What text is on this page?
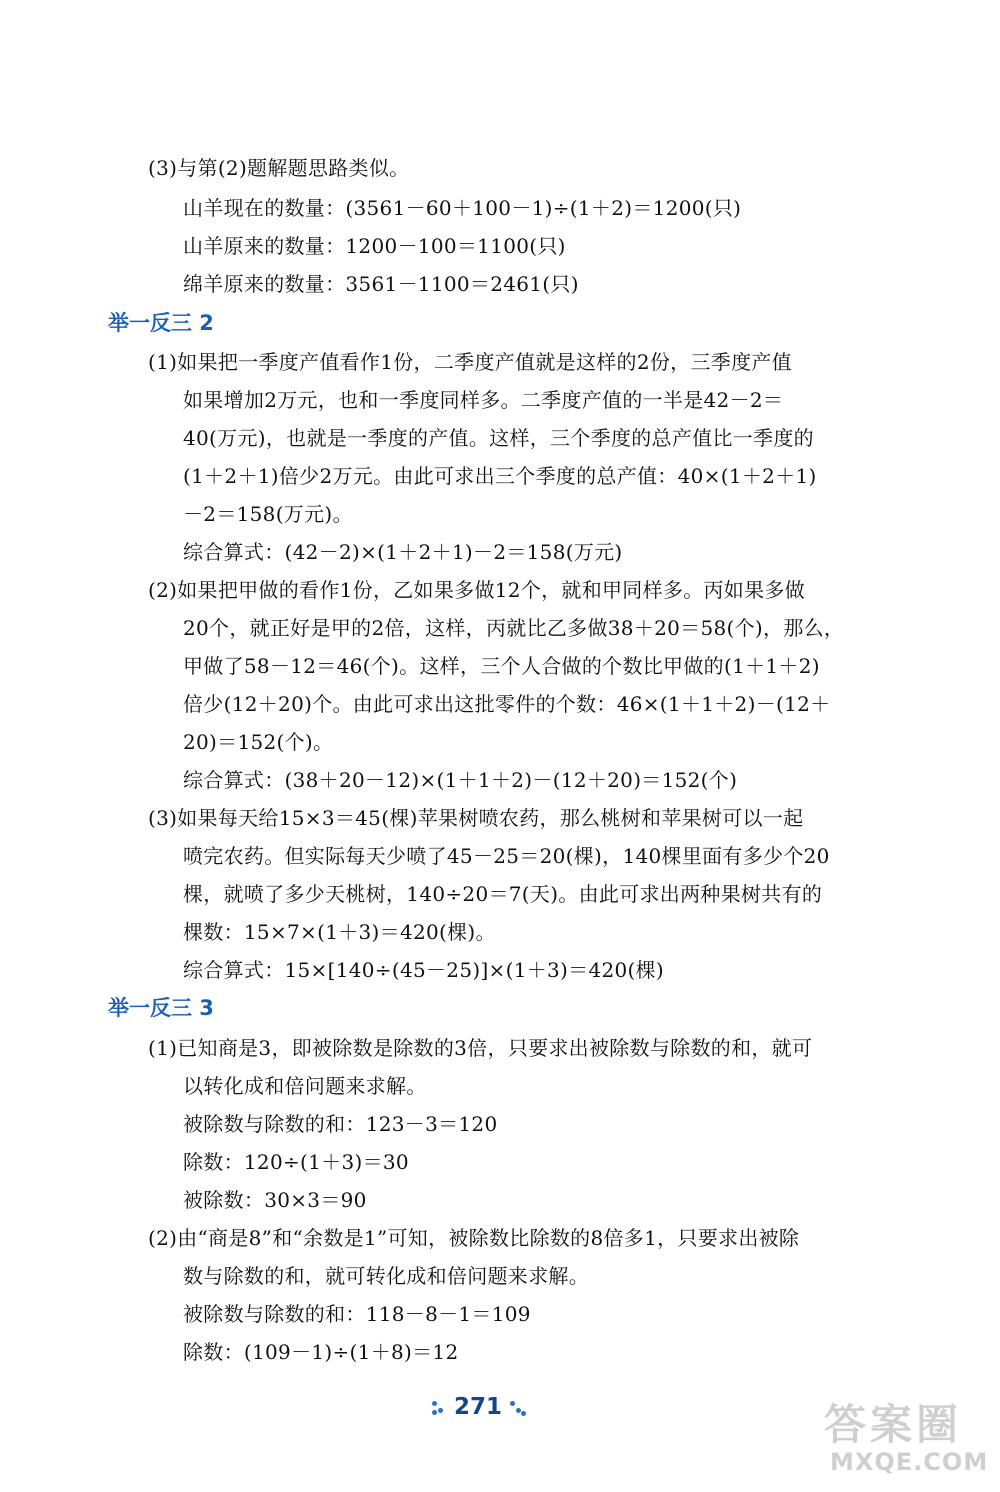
(3)与第(2)题解题思路类似。
山羊现在的数量：(3561－60＋100－1)÷(1＋2)＝1200(只)
山羊原来的数量：1200－100＝1100(只)
绵羊原来的数量：3561－1100＝2461(只)
举一反三 2
(1)如果把一季度产值看作1份，二季度产值就是这样的2份，三季度产值
如果增加2万元，也和一季度同样多。二季度产值的一半是42－2＝
40(万元)，也就是一季度的产值。这样，三个季度的总产值比一季度的
(1＋2＋1)倍少2万元。由此可求出三个季度的总产值：40×(1＋2＋1)
－2＝158(万元)。
综合算式：(42－2)×(1＋2＋1)－2＝158(万元)
(2)如果把甲做的看作1份，乙如果多做12个，就和甲同样多。丙如果多做
20个，就正好是甲的2倍，这样，丙就比乙多做38＋20＝58(个)，那么，
甲做了58－12＝46(个)。这样，三个人合做的个数比甲做的(1＋1＋2)
倍少(12＋20)个。由此可求出这批零件的个数：46×(1＋1＋2)－(12＋
20)＝152(个)。
综合算式：(38＋20－12)×(1＋1＋2)－(12＋20)＝152(个)
(3)如果每天给15×3＝45(棵)苹果树喷农药，那么桃树和苹果树可以一起
喷完农药。但实际每天少喷了45－25＝20(棵)，140棵里面有多少个20
棵，就喷了多少天桃树，140÷20＝7(天)。由此可求出两种果树共有的
棵数：15×7×(1＋3)＝420(棵)。
综合算式：15×[140÷(45－25)]×(1＋3)＝420(棵)
举一反三 3
(1)已知商是3，即被除数是除数的3倍，只要求出被除数与除数的和，就可
以转化成和倍问题来求解。
被除数与除数的和：123－3＝120
除数：120÷(1＋3)＝30
被除数：30×3＝90
(2)由“商是8”和“余数是1”可知，被除数比除数的8倍多1，只要求出被除
数与除数的和，就可转化成和倍问题来求解。
被除数与除数的和：118－8－1＝109
除数：(109－1)÷(1＋8)＝12
271	答案圈
MXQE.COM
